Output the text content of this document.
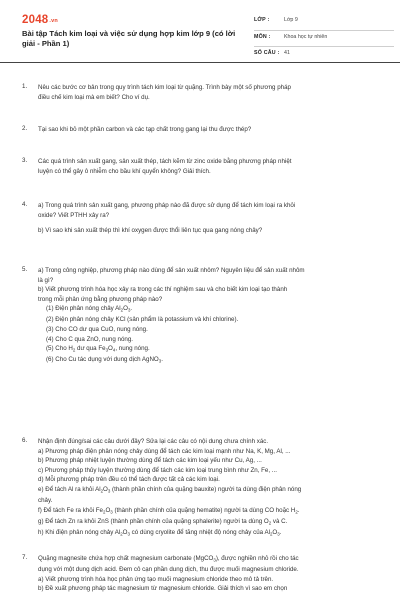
2048.vn
Bài tập Tách kim loại và việc sử dụng hợp kim lớp 9 (có lời giải - Phần 1)
LỚP :	Lớp 9
MÔN :	Khoa học tự nhiên
SỐ CÂU : 41
1. Nêu các bước cơ bản trong quy trình tách kim loại từ quặng. Trình bày một số phương pháp
điều chế kim loại mà em biết? Cho ví dụ.
2. Tại sao khi bỏ một phần carbon và các tạp chất trong gang lại thu được thép?
3. Các quá trình sản xuất gang, sản xuất thép, tách kẽm từ zinc oxide bằng phương pháp nhiệt
luyện có thể gây ô nhiễm cho bầu khí quyển không? Giải thích.
4. a) Trong quá trình sản xuất gang, phương pháp nào đã được sử dụng để tách kim loại ra khỏi
oxide? Viết PTHH xảy ra?
b) Vì sao khi sản xuất thép thì khí oxygen được thổi liên tục qua gang nóng chảy?
5. a) Trong công nghiệp, phương pháp nào dùng để sản xuất nhôm? Nguyên liệu để sản xuất nhôm
là gì?
b) Viết phương trình hóa học xảy ra trong các thí nghiệm sau và cho biết kim loại tạo thành
trong mỗi phản ứng bằng phương pháp nào?
(1) Điện phân nóng chảy $Al_2O_3$.
(2) Điện phân nóng chảy KCl (sản phẩm là potassium và khí chlorine).
(3) Cho CO dư qua CuO, nung nóng.
(4) Cho C qua ZnO, nung nóng.
(5) Cho $H_2$ dư qua $Fe_3O_4$, nung nóng.
(6) Cho Cu tác dụng với dung dịch AgNO$_3$.
6. Nhận định đúng/sai các câu dưới đây? Sửa lại các câu có nội dung chưa chính xác.
a) Phương pháp điện phân nóng chảy dùng để tách các kim loại mạnh như Na, K, Mg, Al, ...
b) Phương pháp nhiệt luyện thường dùng để tách các kim loại yếu như Cu, Ag, ...
c) Phương pháp thủy luyện thường dùng để tách các kim loại trung bình như Zn, Fe, ...
d) Mỗi phương pháp trên đều có thể tách được tất cả các kim loại.
e) Để tách Al ra khỏi $Al_2O_3$ (thành phần chính của quặng bauxite) người ta dùng điện phân nóng
chảy.
f) Để tách Fe ra khỏi $Fe_2O_3$ (thành phần chính của quặng hematite) người ta dùng CO hoặc $H_2$.
g) Để tách Zn ra khỏi ZnS (thành phần chính của quặng sphalerite) người ta dùng $O_2$ và C.
h) Khi điện phân nóng chảy $Al_2O_3$ có dùng cryolite để tăng nhiệt độ nóng chảy của $Al_2O_3$.
7. Quặng magnesite chứa hợp chất magnesium carbonate (MgCO$_3$), được nghiền nhỏ rồi cho tác
dụng với một dung dịch acid. Đem cô cạn phần dung dịch, thu được muối magnesium chloride.
a) Viết phương trình hóa học phản ứng tạo muối magnesium chloride theo mô tả trên.
b) Đề xuất phương pháp tác magnesium từ magnesium chloride. Giải thích vì sao em chọn
